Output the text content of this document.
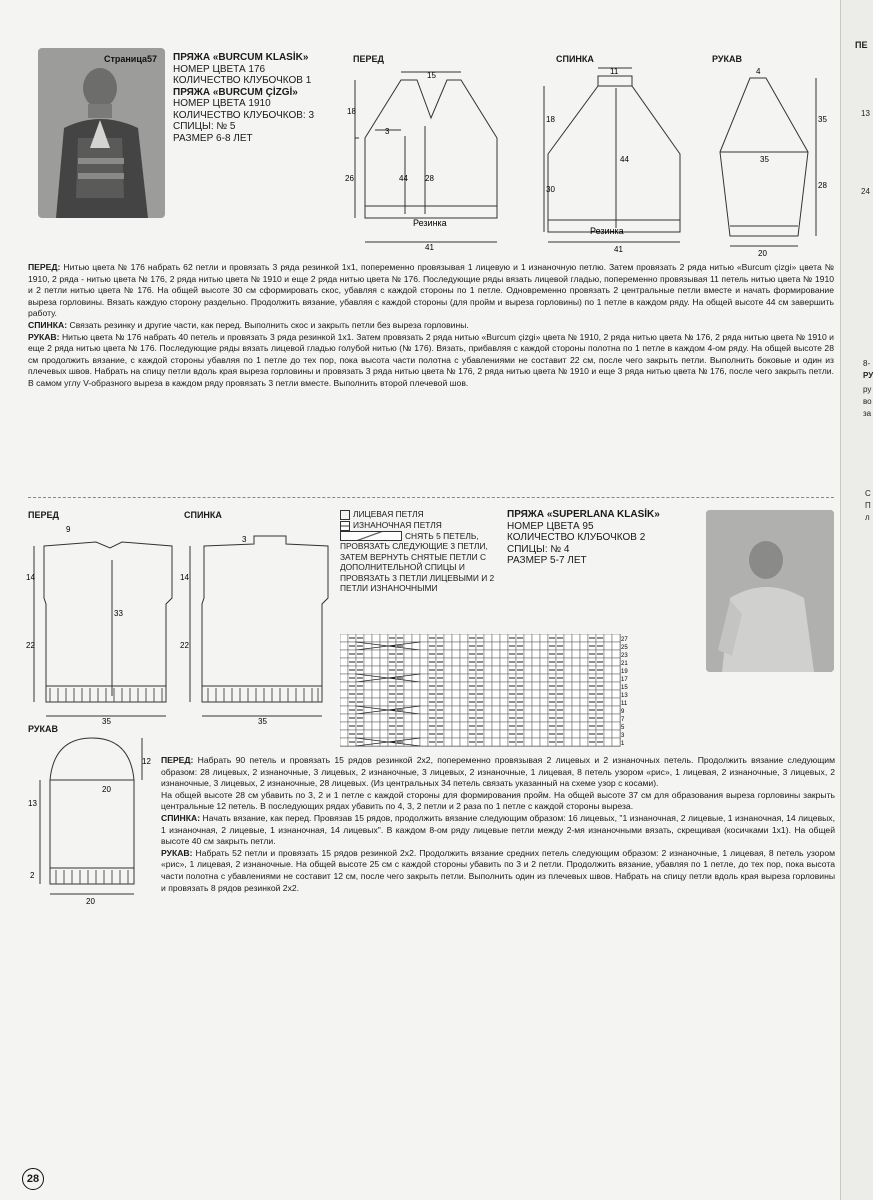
Страница57 ПРЯЖА «BURCUM KLASİK»
НОМЕР ЦВЕТА 176
КОЛИЧЕСТВО КЛУБОЧКОВ 1
ПРЯЖА «BURCUM ÇİZGİ»
НОМЕР ЦВЕТА 1910
КОЛИЧЕСТВО КЛУБОЧКОВ: 3
СПИЦЫ: № 5
РАЗМЕР 6-8 ЛЕТ
ПЕРЕД	СПИНКА	РУКАВ
15
18
3
26	44 28
Резинка
41
11
18
44
30
Резинка
41
4
35
35
28
20
ПЕРЕД: Нитью цвета № 176 набрать 62 петли и провязать 3 ряда резинкой 1x1, попеременно провязывая 1 лицевую и 1 изнаночную петлю. Затем провязать 2 ряда нитью «Burcum çizgi» цвета № 1910, 2 ряда - нитью цвета № 176, 2 ряда нитью цвета № 1910 и еще 2 ряда нитью цвета № 176. Последующие ряды вязать лицевой гладью, попеременно провязывая 11 петель нитью цвета № 1910 и 2 петли нитью цвета № 176. На общей высоте 30 см сформировать скос, убавляя с каждой стороны по 1 петле. Одновременно провязать 2 центральные петли вместе и начать формирование выреза горловины. Вязать каждую сторону раздельно. Продолжить вязание, убавляя с каждой стороны (для пройм и выреза горловины) по 1 петле в каждом ряду. На общей высоте 44 см завершить работу.
СПИНКА: Связать резинку и другие части, как перед. Выполнить скос и закрыть петли без выреза горловины.
РУКАВ: Нитью цвета № 176 набрать 40 петель и провязать 3 ряда резинкой 1x1. Затем провязать 2 ряда нитью «Burcum çizgi» цвета № 1910, 2 ряда нитью цвета № 176, 2 ряда нитью цвета № 1910 и еще 2 ряда нитью цвета № 176. Последующие ряды вязать лицевой гладью голубой нитью (№ 176). Вязать, прибавляя с каждой стороны полотна по 1 петле в каждом 4-ом ряду. На общей высоте 28 см продолжить вязание, с каждой стороны убавляя по 1 петле до тех пор, пока высота части полотна с убавлениями не составит 22 см, после чего закрыть петли. Выполнить боковые и один из плечевых швов. Набрать на спицу петли вдоль края выреза горловины и провязать 3 ряда нитью цвета № 176, 2 ряда нитью цвета № 1910 и еще 3 ряда нитью цвета № 176, после чего закрыть петли. В самом углу V-образного выреза в каждом ряду провязать 3 петли вместе. Выполнить второй плечевой шов.
ПЕРЕД	СПИНКА
РУКАВ
9
14
33
22
35
3
14
22
35
12
20
13
2
20
ЛИЦЕВАЯ ПЕТЛЯ
ИЗНАНОЧНАЯ ПЕТЛЯ
СНЯТЬ 5 ПЕТЕЛЬ, ПРОВЯЗАТЬ СЛЕДУЮЩИЕ 3 ПЕТЛИ, ЗАТЕМ ВЕРНУТЬ СНЯТЫЕ ПЕТЛИ С ДОПОЛНИТЕЛЬНОЙ СПИЦЫ И ПРОВЯЗАТЬ 3 ПЕТЛИ ЛИЦЕВЫМИ И 2 ПЕТЛИ ИЗНАНОЧНЫМИ
ПРЯЖА «SUPERLANA KLASİK»
НОМЕР ЦВЕТА 95
КОЛИЧЕСТВО КЛУБОЧКОВ 2
СПИЦЫ: № 4
РАЗМЕР 5-7 ЛЕТ
27
25
23
21
19
17
15
13
11
9
7
5
3
1
ПЕРЕД: Набрать 90 петель и провязать 15 рядов резинкой 2x2, попеременно провязывая 2 лицевых и 2 изнаночных петель. Продолжить вязание следующим образом: 28 лицевых, 2 изнаночные, 3 лицевых, 2 изнаночные, 3 лицевых, 2 изнаночные, 1 лицевая, 8 петель узором «рис», 1 лицевая, 2 изнаночные, 3 лицевых, 2 изнаночные, 3 лицевых, 2 изнаночные, 28 лицевых. (Из центральных 34 петель связать указанный на схеме узор с косами).
На общей высоте 28 см убавить по 3, 2 и 1 петле с каждой стороны для формирования пройм. На общей высоте 37 см для образования выреза горловины закрыть центральные 12 петель. В последующих рядах убавить по 4, 3, 2 петли и 2 раза по 1 петле с каждой стороны выреза.
СПИНКА: Начать вязание, как перед. Провязав 15 рядов, продолжить вязание следующим образом: 16 лицевых, "1 изнаночная, 2 лицевые, 1 изнаночная, 14 лицевых, 1 изнаночная, 2 лицевые, 1 изнаночная, 14 лицевых". В каждом 8-ом ряду лицевые петли между 2-мя изнаночными вязать, скрещивая (косичками 1x1). На общей высоте 40 см закрыть петли.
РУКАВ: Набрать 52 петли и провязать 15 рядов резинкой 2x2. Продолжить вязание средних петель следующим образом: 2 изнаночные, 1 лицевая, 8 петель узором «рис», 1 лицевая, 2 изнаночные. На общей высоте 25 см с каждой стороны убавить по 3 и 2 петли. Продолжить вязание, убавляя по 1 петле, до тех пор, пока высота части полотна с убавлениями не составит 12 см, после чего закрыть петли. Выполнить один из плечевых швов. Набрать на спицу петли вдоль края выреза горловины и провязать 8 рядов резинкой 2x2.
ПЕ
13
24
8-
РУ
ру
во
за
С
П
л
28
